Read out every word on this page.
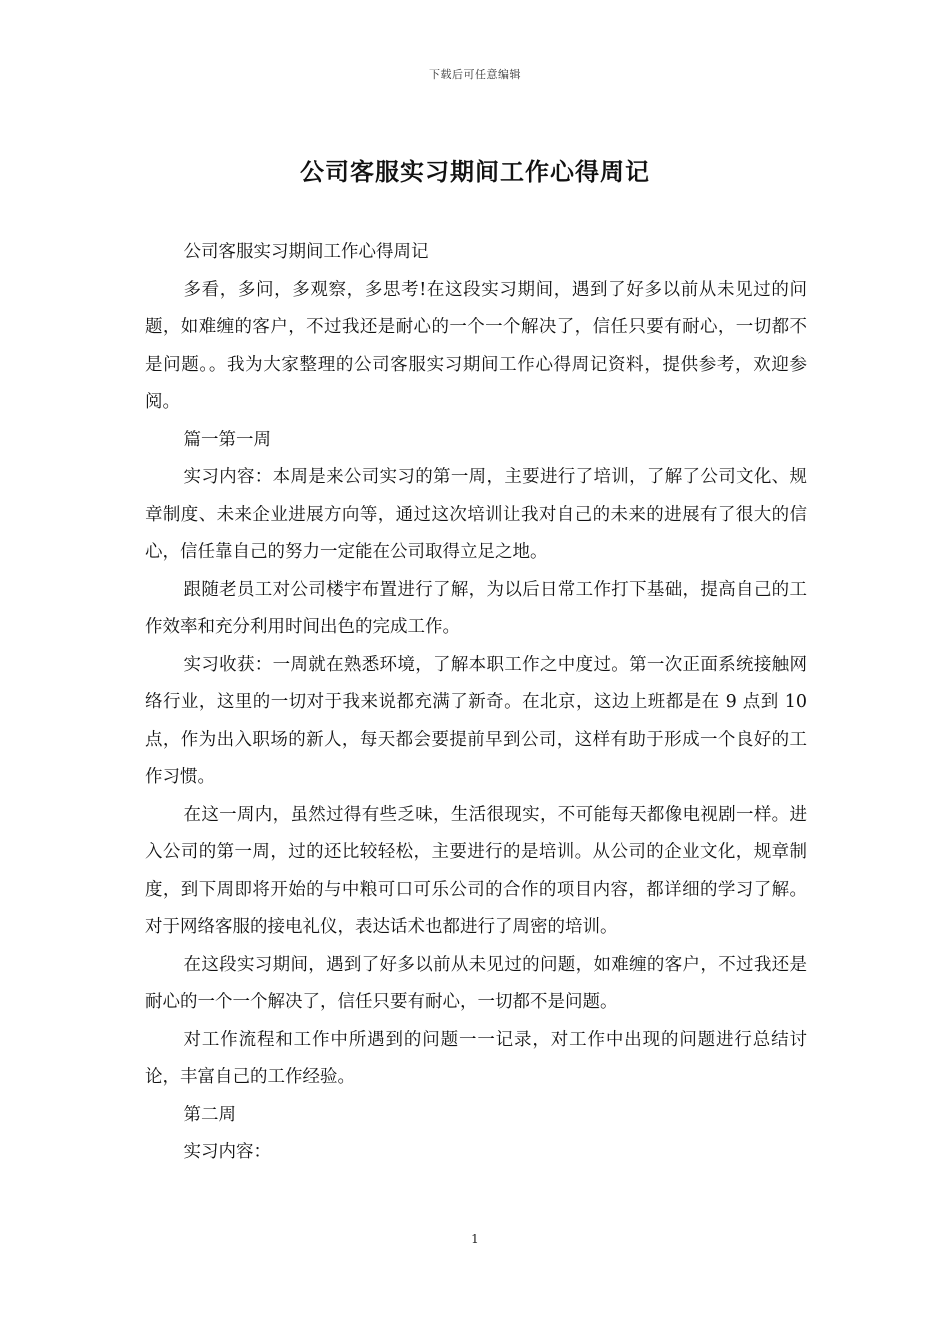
下载后可任意编辑
公司客服实习期间工作心得周记

公司客服实习期间工作心得周记

多看，多问，多观察，多思考!在这段实习期间，遇到了好多以前从未见过的问题，如难缠的客户，不过我还是耐心的一个一个解决了，信任只要有耐心，一切都不是问题。。我为大家整理的公司客服实习期间工作心得周记资料，提供参考，欢迎参阅。

篇一第一周

实习内容：本周是来公司实习的第一周，主要进行了培训，了解了公司文化、规章制度、未来企业进展方向等，通过这次培训让我对自己的未来的进展有了很大的信心，信任靠自己的努力一定能在公司取得立足之地。

跟随老员工对公司楼宇布置进行了解，为以后日常工作打下基础，提高自己的工作效率和充分利用时间出色的完成工作。

实习收获：一周就在熟悉环境，了解本职工作之中度过。第一次正面系统接触网络行业，这里的一切对于我来说都充满了新奇。在北京，这边上班都是在 9 点到 10 点，作为出入职场的新人，每天都会要提前早到公司，这样有助于形成一个良好的工作习惯。

在这一周内，虽然过得有些乏味，生活很现实，不可能每天都像电视剧一样。进入公司的第一周，过的还比较轻松，主要进行的是培训。从公司的企业文化，规章制度，到下周即将开始的与中粮可口可乐公司的合作的项目内容，都详细的学习了解。对于网络客服的接电礼仪，表达话术也都进行了周密的培训。

在这段实习期间，遇到了好多以前从未见过的问题，如难缠的客户，不过我还是耐心的一个一个解决了，信任只要有耐心，一切都不是问题。

对工作流程和工作中所遇到的问题一一记录，对工作中出现的问题进行总结讨论，丰富自己的工作经验。

第二周

实习内容：

1
